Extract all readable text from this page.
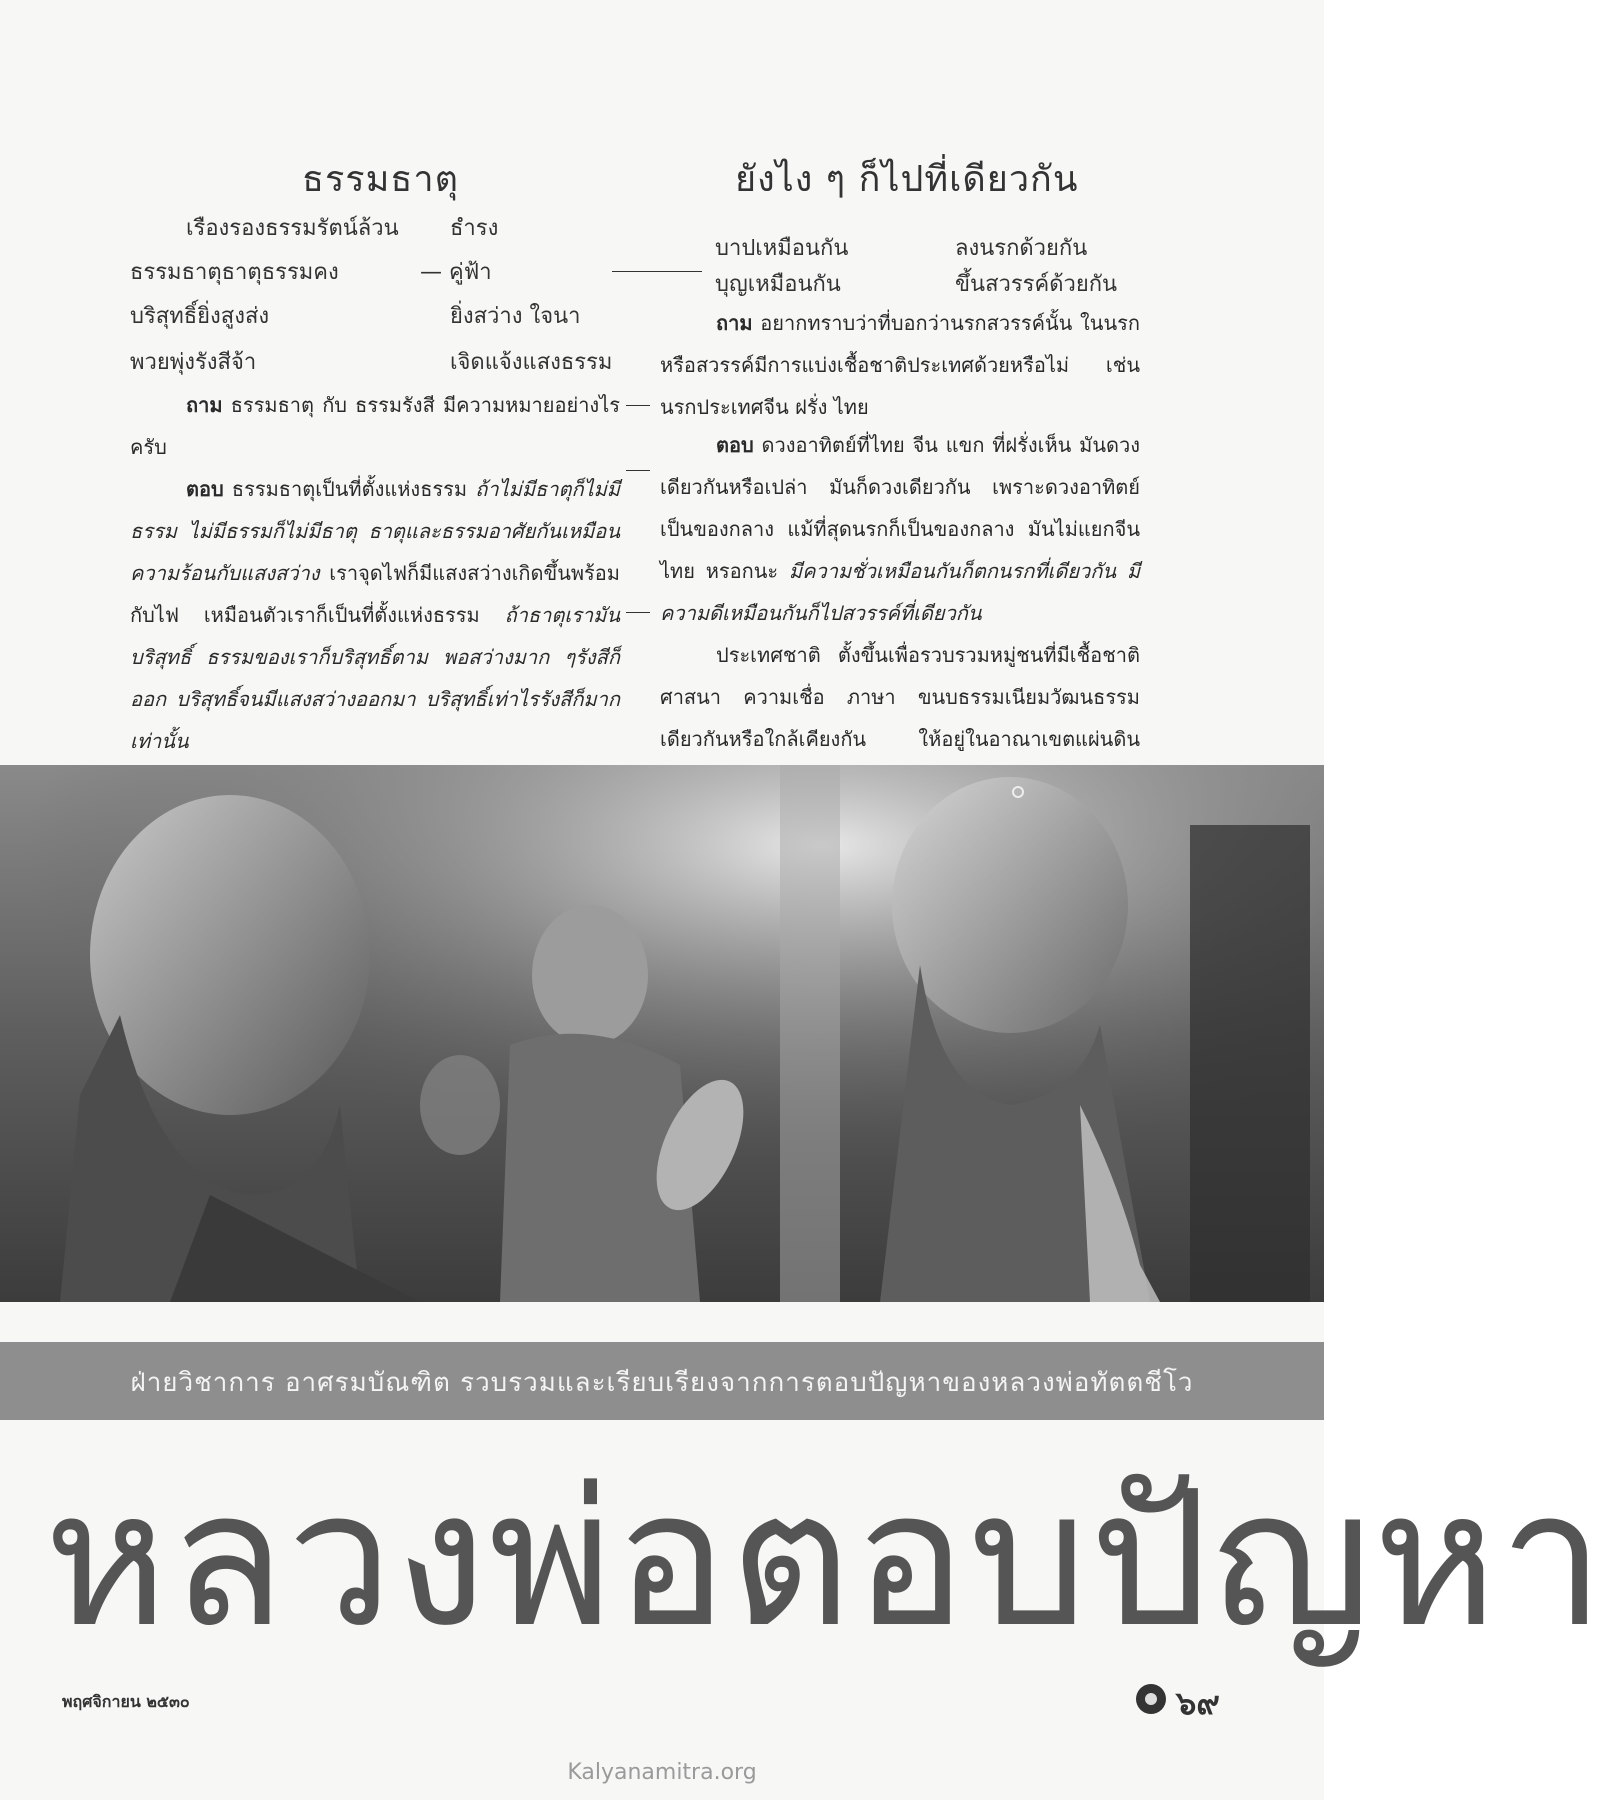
ธรรมธาตุ
เรืองรองธรรมรัตน์ล้วน ธำรง
ธรรมธาตุธาตุธรรมคง	— คู่ฟ้า
บริสุทธิ์ยิ่งสูงส่ง	ยิ่งสว่าง ใจนา
พวยพุ่งรังสีจ้า	เจิดแจ้งแสงธรรม
ถาม ธรรมธาตุ กับ ธรรมรังสี มีความหมายอย่างไร ครับ
ตอบ ธรรมธาตุเป็นที่ตั้งแห่งธรรม ถ้าไม่มีธาตุก็ไม่มีธรรม ไม่มีธรรมก็ไม่มีธาตุ ธาตุและธรรมอาศัยกันเหมือนความร้อนกับแสงสว่าง เราจุดไฟก็มีแสงสว่างเกิดขึ้นพร้อมกับไฟ เหมือนตัวเราก็เป็นที่ตั้งแห่งธรรม ถ้าธาตุเรามันบริสุทธิ์ ธรรมของเราก็บริสุทธิ์ตาม พอสว่างมาก ๆรังสีก็ออก บริสุทธิ์จนมีแสงสว่างออกมา บริสุทธิ์เท่าไรรังสีก็มากเท่านั้น
ยังไง ๆ ก็ไปที่เดียวกัน
บาปเหมือนกัน	ลงนรกด้วยกัน
บุญเหมือนกัน	ขึ้นสวรรค์ด้วยกัน
ถาม อยากทราบว่าที่บอกว่านรกสวรรค์นั้น ในนรกหรือสวรรค์มีการแบ่งเชื้อชาติประเทศด้วยหรือไม่ เช่น นรกประเทศจีน ฝรั่ง ไทย
ตอบ ดวงอาทิตย์ที่ไทย จีน แขก ที่ฝรั่งเห็น มันดวงเดียวกันหรือเปล่า มันก็ดวงเดียวกัน เพราะดวงอาทิตย์เป็นของกลาง แม้ที่สุดนรกก็เป็นของกลาง มันไม่แยกจีน ไทย หรอกนะ มีความชั่วเหมือนกันก็ตกนรกที่เดียวกัน มีความดีเหมือนกันก็ไปสวรรค์ที่เดียวกัน
ประเทศชาติ ตั้งขึ้นเพื่อรวบรวมหมู่ชนที่มีเชื้อชาติศาสนา ความเชื่อ ภาษา ขนบธรรมเนียมวัฒนธรรมเดียวกันหรือใกล้เคียงกัน ให้อยู่ในอาณาเขตแผ่นดิน
ฝ่ายวิชาการ อาศรมบัณฑิต รวบรวมและเรียบเรียงจากการตอบปัญหาของหลวงพ่อทัตตชีโว
หลวงพ่อตอบปัญหา
พฤศจิกายน ๒๕๓๐	๖๙
Kalyanamitra.org
